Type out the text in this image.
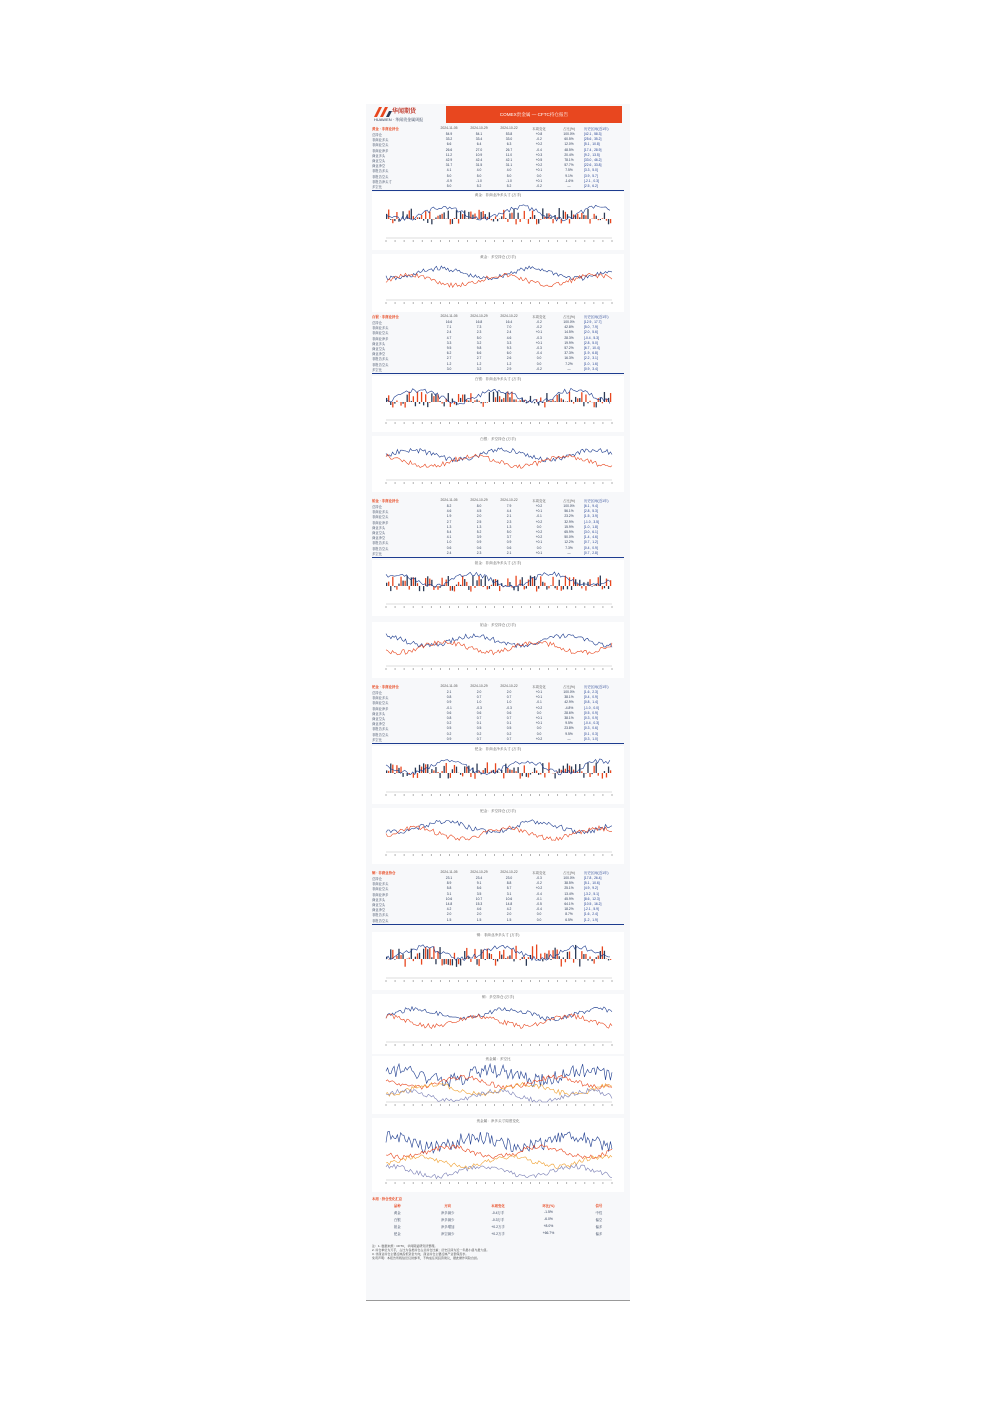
华闻期货
HUAWEN · 华闻贵金属周报
COMEX贵金属 — CFTC持仓报告
黄金 · 非商业持仓	2024-11-05	2024-10-29	2024-10-22	本周变化	占比(%)	历史区间(近1年)
总持仓	54.9	54.1	53.8	+0.8	100.0%	[42.1 , 58.3]
非商业多头	33.2	33.4	33.0	-0.2	60.5%	[25.6 , 35.2]
非商业空头	6.6	6.4	6.3	+0.2	12.0%	[5.1 , 10.8]
非商业净多	26.6	27.0	26.7	-0.4	48.5%	[17.4 , 28.9]
商业多头	11.2	10.9	11.0	+0.3	20.4%	[9.2 , 13.5]
商业空头	42.9	42.4	42.1	+0.5	78.1%	[33.0 , 46.2]
商业净空	31.7	31.5	31.1	+0.2	57.7%	[22.6 , 33.8]
非报告多头	4.1	4.0	4.0	+0.1	7.5%	[3.3 , 5.0]
非报告空头	5.0	5.0	5.0	0.0	9.1%	[3.9 , 5.7]
非报告净头寸	-0.9	-1.0	-1.0	+0.1	-1.6%	[-2.1 , 0.3]
多空比	5.0	5.2	5.2	-0.2	—	[2.5 , 6.2]
黄金：非商业净多头寸 (万手)
黄金：多空持仓 (万手)
白银 · 非商业持仓	2024-11-05	2024-10-29	2024-10-22	本周变化	占比(%)	历史区间(近1年)
总持仓	16.6	16.8	16.4	-0.2	100.0%	[12.9 , 17.7]
非商业多头	7.1	7.3	7.0	-0.2	42.8%	[5.0 , 7.9]
非商业空头	2.4	2.3	2.4	+0.1	14.5%	[2.0 , 5.6]
非商业净多	4.7	5.0	4.6	-0.3	28.3%	[-0.4 , 5.3]
商业多头	3.3	3.2	3.3	+0.1	19.9%	[2.8 , 5.0]
商业空头	9.5	9.8	9.3	-0.3	57.2%	[6.7 , 10.4]
商业净空	6.2	6.6	6.0	-0.4	37.3%	[1.9 , 6.8]
非报告多头	2.7	2.7	2.6	0.0	16.3%	[2.2 , 3.1]
非报告空头	1.2	1.2	1.2	0.0	7.2%	[1.0 , 1.6]
多空比	3.0	3.2	2.9	-0.2	—	[0.9 , 3.4]
白银：非商业净多头寸 (万手)
白银：多空持仓 (万手)
铂金 · 非商业持仓	2024-11-05	2024-10-29	2024-10-22	本周变化	占比(%)	历史区间(近1年)
总持仓	8.2	8.0	7.9	+0.2	100.0%	[6.1 , 9.4]
非商业多头	4.6	4.5	4.4	+0.1	56.1%	[2.8 , 5.3]
非商业空头	1.9	2.0	2.1	-0.1	23.2%	[1.5 , 3.9]
非商业净多	2.7	2.5	2.3	+0.2	32.9%	[-1.0 , 3.5]
商业多头	1.3	1.3	1.3	0.0	15.9%	[1.0 , 1.8]
商业空头	5.4	5.2	5.0	+0.2	65.9%	[3.0 , 6.1]
商业净空	4.1	3.9	3.7	+0.2	50.0%	[1.4 , 4.6]
非报告多头	1.0	0.9	0.9	+0.1	12.2%	[0.7 , 1.2]
非报告空头	0.6	0.6	0.6	0.0	7.3%	[0.4 , 0.9]
多空比	2.4	2.3	2.1	+0.1	—	[0.7 , 2.8]
铂金：非商业净多头寸 (万手)
铂金：多空持仓 (万手)
钯金 · 非商业持仓	2024-11-05	2024-10-29	2024-10-22	本周变化	占比(%)	历史区间(近1年)
总持仓	2.1	2.0	2.0	+0.1	100.0%	[1.6 , 2.3]
非商业多头	0.8	0.7	0.7	+0.1	38.1%	[0.4 , 0.9]
非商业空头	0.9	1.0	1.0	-0.1	42.9%	[0.8 , 1.4]
非商业净多	-0.1	-0.3	-0.3	+0.2	-4.8%	[-1.0 , 0.0]
商业多头	0.6	0.6	0.6	0.0	28.6%	[0.5 , 0.9]
商业空头	0.8	0.7	0.7	+0.1	38.1%	[0.3 , 0.9]
商业净空	0.2	0.1	0.1	+0.1	9.5%	[-0.4 , 0.3]
非报告多头	0.5	0.5	0.5	0.0	23.8%	[0.3 , 0.6]
非报告空头	0.2	0.2	0.2	0.0	9.5%	[0.1 , 0.3]
多空比	0.9	0.7	0.7	+0.2	—	[0.3 , 1.0]
钯金：非商业净多头寸 (万手)
钯金：多空持仓 (万手)
铜 · 非商业持仓	2024-11-05	2024-10-29	2024-10-22	本周变化	占比(%)	历史区间(近1年)
总持仓	23.1	23.4	23.0	-0.3	100.0%	[17.8 , 26.4]
非商业多头	8.9	9.1	8.8	-0.2	38.5%	[5.1 , 10.6]
非商业空头	5.8	5.6	5.7	+0.2	25.1%	[4.9 , 9.2]
非商业净多	3.1	3.5	3.1	-0.4	13.4%	[-3.2 , 5.1]
商业多头	10.6	10.7	10.6	-0.1	45.9%	[8.6 , 12.3]
商业空头	14.8	15.3	14.8	-0.5	64.1%	[10.5 , 16.2]
商业净空	4.2	4.6	4.2	-0.4	18.2%	[-2.1 , 5.9]
非报告多头	2.0	2.0	2.0	0.0	8.7%	[1.6 , 2.4]
非报告空头	1.5	1.5	1.5	0.0	6.5%	[1.2 , 1.9]
铜：非商业净多头寸 (万手)
铜：多空持仓 (万手)
贵金属：多空比
贵金属：净多头寸周度变化
本周 · 持仓变化汇总
品种	方向	本周变化	环比(%)	信号
黄金	净多减少	-0.4万手	-1.5%	中性
白银	净多减少	-0.3万手	-6.0%	偏空
铂金	净多增加	+0.2万手	+8.0%	偏多
钯金	净空减少	+0.2万手	+66.7%	偏多
注：1. 数据来源：CFTC，华闻期货研究所整理。
2. 持仓单位为万手，占比为各类持仓占总持仓比重；历史区间为近一年最小值与最大值。
3. 非商业持仓主要反映投机资金方向，商业持仓主要反映产业套保需求。
免责声明：本报告所载信息仅供参考，不构成任何投资建议，据此操作风险自担。
